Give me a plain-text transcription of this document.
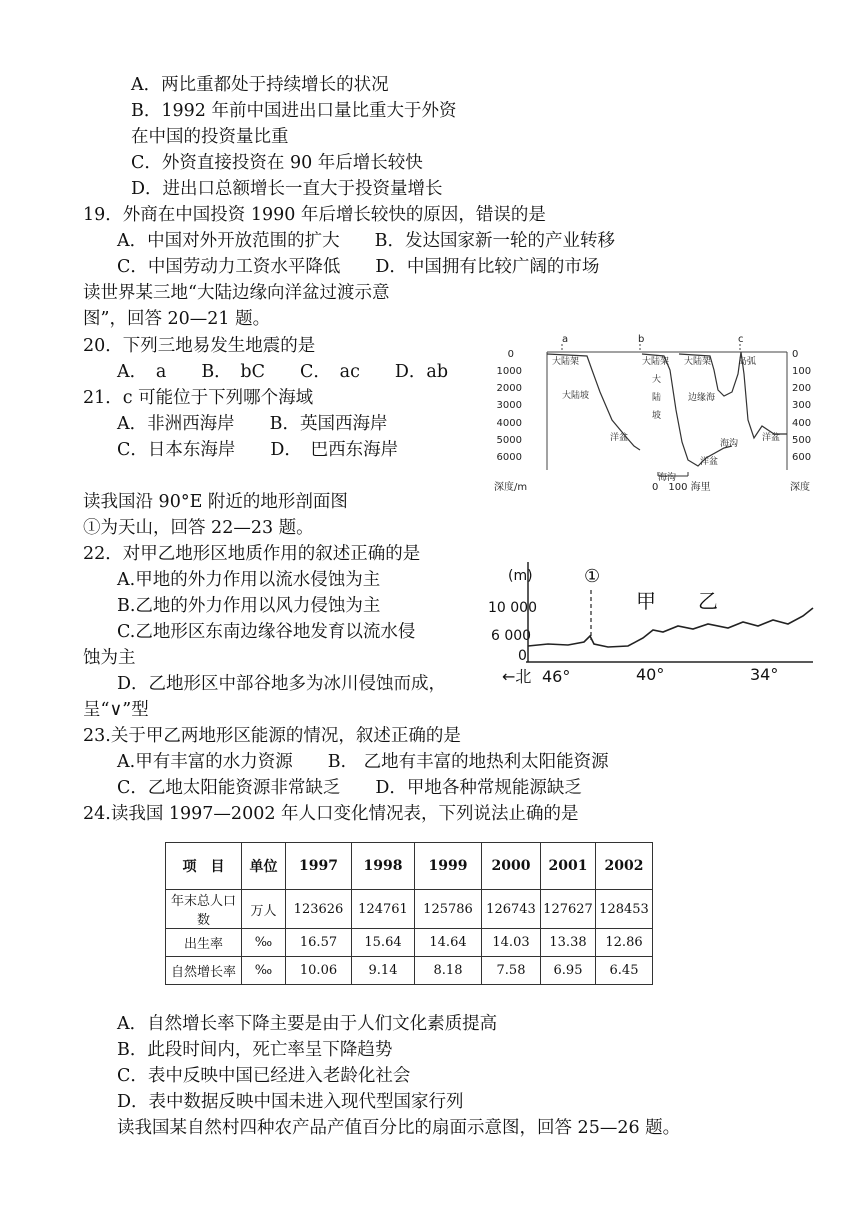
A．两比重都处于持续增长的状况
B．1992 年前中国进出口量比重大于外资
在中国的投资量比重
C．外资直接投资在 90 年后增长较快
D．进出口总额增长一直大于投资量增长
19．外商在中国投资 1990 年后增长较快的原因，错误的是
A．中国对外开放范围的扩大　　B．发达国家新一轮的产业转移
C．中国劳动力工资水平降低　　D．中国拥有比较广阔的市场
读世界某三地“大陆边缘向洋盆过渡示意
图”，回答 20—21 题。
20．下列三地易发生地震的是
A．　a　　B．　bC　　C．　ac　　D．ab
21．c 可能位于下列哪个海域
A．非洲西海岸　　B．英国西海岸
C．日本东海岸　　D．　巴西东海岸
读我国沿 90°E 附近的地形剖面图
①为天山，回答 22—23 题。
22．对甲乙地形区地质作用的叙述正确的是
A.甲地的外力作用以流水侵蚀为主
B.乙地的外力作用以风力侵蚀为主
C.乙地形区东南边缘谷地发育以流水侵
蚀为主
D．乙地形区中部谷地多为冰川侵蚀而成，
呈“∨”型
23.关于甲乙两地形区能源的情况，叙述正确的是
A.甲有丰富的水力资源　　B.　乙地有丰富的地热利太阳能资源
C．乙地太阳能资源非常缺乏　　D．甲地各种常规能源缺乏
24.读我国 1997—2002 年人口变化情况表，下列说法止确的是
A．自然增长率下降主要是由于人们文化素质提高
B．此段时间内，死亡率呈下降趋势
C．表中反映中国已经进入老龄化社会
D．表中数据反映中国未进入现代型国家行列
读我国某自然村四种农产品产值百分比的扇面示意图，回答 25—26 题。
a	b	c
0
1000
2000
3000
4000
5000
6000
0
100
200
300
400
500
600
深度/m	深度
0　100 海里
大陆架
大陆坡
洋盆
大陆架
大
陆
坡
海沟
洋盆
大陆架
边缘海
岛弧
海沟
洋盆
(m)
10 000
6 000
0
①
甲 乙
←北 46°	40°	34°
项　目	单位	1997	1998	1999	2000	2001	2002
年末总人口数	万人	123626	124761	125786	126743	127627	128453
出生率	‰	16.57	15.64	14.64	14.03	13.38	12.86
自然增长率	‰	10.06	9.14	8.18	7.58	6.95	6.45
